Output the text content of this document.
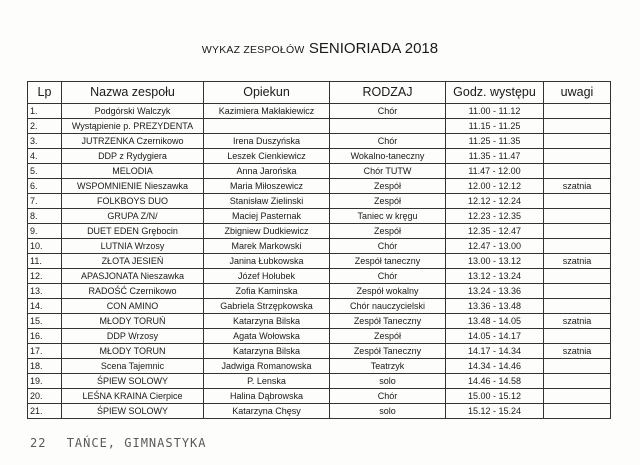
WYKAZ ZESPOŁÓW SENIORIADA 2018
Lp	Nazwa zespołu	Opiekun	RODZAJ	Godz. występu	uwagi
1.	Podgórski Walczyk	Kazimiera Makłakiewicz	Chór	11.00 - 11.12	
2.	Wystąpienie p. PREZYDENTA			11.15 - 11.25	
3.	JUTRZENKA Czernikowo	Irena Duszyńska	Chór	11.25 - 11.35	
4.	DDP z Rydygiera	Leszek Cienkiewicz	Wokalno-taneczny	11.35 - 11.47	
5.	MELODIA	Anna Jarońska	Chór TUTW	11.47 - 12.00	
6.	WSPOMNIENIE Nieszawka	Maria Miłoszewicz	Zespół	12.00 - 12.12	szatnia
7.	FOLKBOYS DUO	Stanisław Zielinski	Zespół	12.12 - 12.24	
8.	GRUPA Z/N/	Maciej Pasternak	Taniec w kręgu	12.23 - 12.35	
9.	DUET EDEN Grębocin	Zbigniew Dudkiewicz	Zespół	12.35 - 12.47	
10.	LUTNIA Wrzosy	Marek Markowski	Chór	12.47 - 13.00	
11.	ZŁOTA JESIEŃ	Janina Łubkowska	Zespół taneczny	13.00 - 13.12	szatnia
12.	APASJONATA Nieszawka	Józef Hołubek	Chór	13.12 - 13.24	
13.	RADOŚĆ Czernikowo	Zofia Kaminska	Zespół wokalny	13.24 - 13.36	
14.	CON AMINO	Gabriela Strzępkowska	Chór nauczycielski	13.36 - 13.48	
15.	MŁODY TORUŃ	Katarzyna Bilska	Zespół Taneczny	13.48 - 14.05	szatnia
16.	DDP Wrzosy	Agata Wołowska	Zespół	14.05 - 14.17	
17.	MŁODY TORUN	Katarzyna Bilska	Zespół Taneczny	14.17 - 14.34	szatnia
18.	Scena Tajemnic	Jadwiga Romanowska	Teatrzyk	14.34 - 14.46	
19.	ŚPIEW SOLOWY	P. Lenska	solo	14.46 - 14.58	
20.	LEŚNA KRAINA Cierpice	Halina Dąbrowska	Chór	15.00 - 15.12	
21.	ŚPIEW SOLOWY	Katarzyna Chęsy	solo	15.12 - 15.24	
22 TAŃCE, GIMNASTYKA
